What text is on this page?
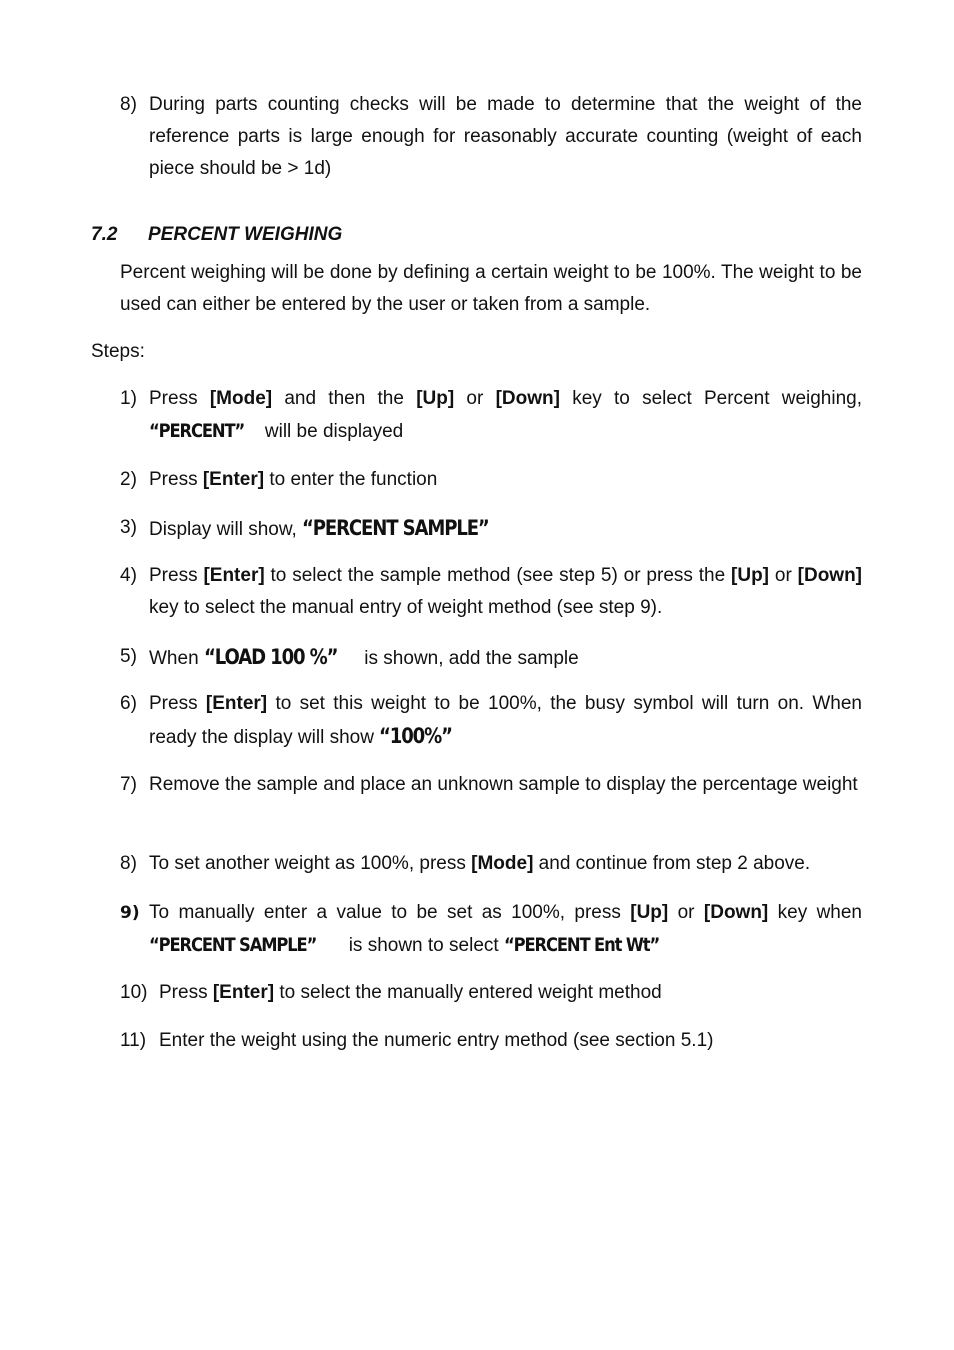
8) During parts counting checks will be made to determine that the weight of the reference parts is large enough for reasonably accurate counting (weight of each piece should be > 1d)
7.2 PERCENT WEIGHING
Percent weighing will be done by defining a certain weight to be 100%. The weight to be used can either be entered by the user or taken from a sample.
Steps:
1) Press [Mode] and then the [Up] or [Down] key to select Percent weighing, “PERCENT” will be displayed
2) Press [Enter] to enter the function
3) Display will show, “PERCENT SAMPLE”
4) Press [Enter] to select the sample method (see step 5) or press the [Up] or [Down] key to select the manual entry of weight method (see step 9).
5) When “LOAD 100 %” is shown, add the sample
6) Press [Enter] to set this weight to be 100%, the busy symbol will turn on. When ready the display will show “100%”
7) Remove the sample and place an unknown sample to display the percentage weight
8) To set another weight as 100%, press [Mode] and continue from step 2 above.
9) To manually enter a value to be set as 100%, press [Up] or [Down] key when “PERCENT SAMPLE” is shown to select “PERCENT Ent Wt”
10) Press [Enter] to select the manually entered weight method
11) Enter the weight using the numeric entry method (see section 5.1)
